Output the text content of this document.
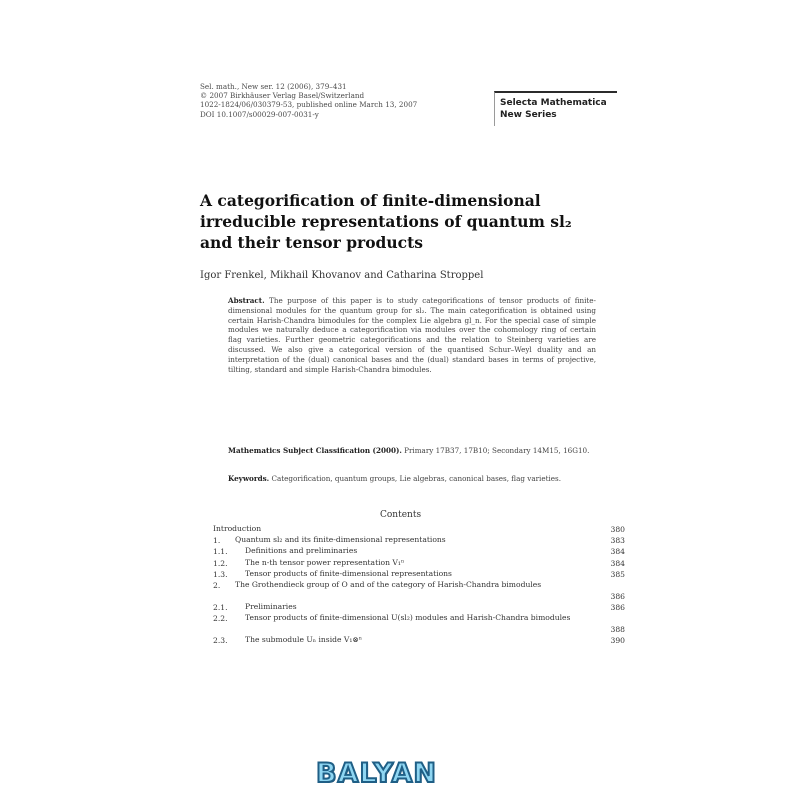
Sel. math., New ser. 12 (2006), 379–431
© 2007 Birkhäuser Verlag Basel/Switzerland
1022-1824/06/030379-53, published online March 13, 2007
DOI 10.1007/s00029-007-0031-y
Selecta Mathematica
New Series
A categorification of finite-dimensional
irreducible representations of quantum sl₂
and their tensor products
Igor Frenkel, Mikhail Khovanov and Catharina Stroppel
Abstract. The purpose of this paper is to study categorifications of tensor products of finite-dimensional modules for the quantum group for sl₂. The main categorification is obtained using certain Harish-Chandra bimodules for the complex Lie algebra gl_n. For the special case of simple modules we naturally deduce a categorification via modules over the cohomology ring of certain flag varieties. Further geometric categorifications and the relation to Steinberg varieties are discussed. We also give a categorical version of the quantised Schur–Weyl duality and an interpretation of the (dual) canonical bases and the (dual) standard bases in terms of projective, tilting, standard and simple Harish-Chandra bimodules.
Mathematics Subject Classification (2000). Primary 17B37, 17B10; Secondary 14M15, 16G10.
Keywords. Categorification, quantum groups, Lie algebras, canonical bases, flag varieties.
Contents
Introduction	380
1.	Quantum sl₂ and its finite-dimensional representations	383
1.1.	Definitions and preliminaries	384
1.2.	The n-th tensor power representation V₁ⁿ	384
1.3.	Tensor products of finite-dimensional representations	385
2.	The Grothendieck group of O and of the category of Harish-Chandra bimodules
386
2.1.	Preliminaries	386
2.2.	Tensor products of finite-dimensional U(sl₂) modules and Harish-Chandra bimodules
388
2.3.	The submodule Uₙ inside V₁⊗ⁿ	390
BALYAN
